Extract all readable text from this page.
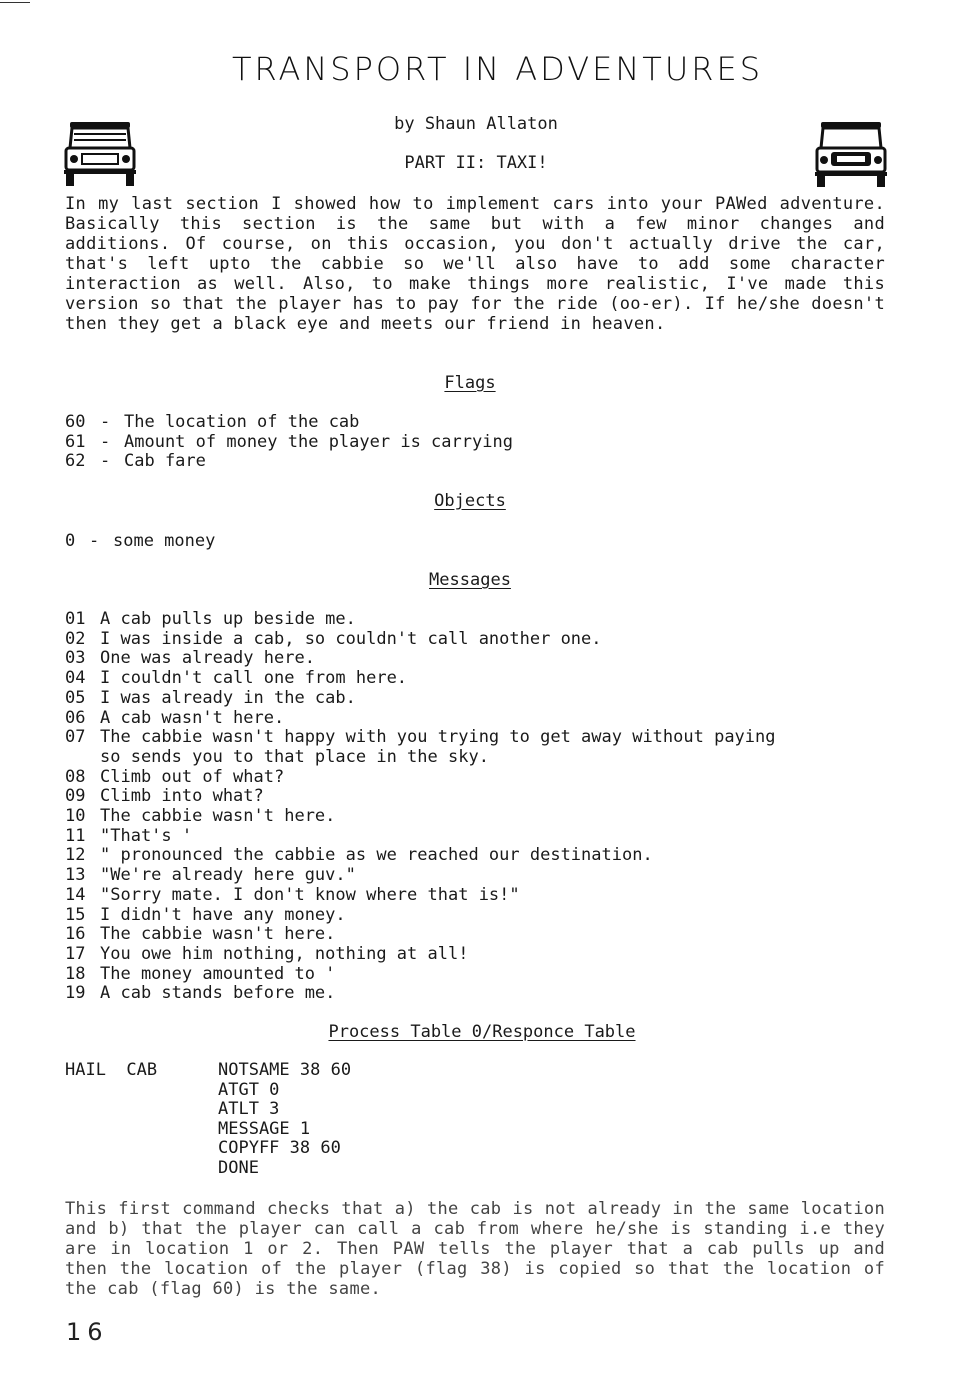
TRANSPORT IN ADVENTURES
by Shaun Allaton
PART II: TAXI!
In my last section I showed how to implement cars into your PAWed adventure. Basically this section is the same but with a few minor changes and additions. Of course, on this occasion, you don't actually drive the car, that's left upto the cabbie so we'll also have to add some character interaction as well. Also, to make things more realistic, I've made this version so that the player has to pay for the ride (oo-er). If he/she doesn't then they get a black eye and meets our friend in heaven.
Flags
60 - The location of the cab
61 - Amount of money the player is carrying
62 - Cab fare
Objects
0 - some money
Messages
01 A cab pulls up beside me.
02 I was inside a cab, so couldn't call another one.
03 One was already here.
04 I couldn't call one from here.
05 I was already in the cab.
06 A cab wasn't here.
07 The cabbie wasn't happy with you trying to get away without paying
so sends you to that place in the sky.
08 Climb out of what?
09 Climb into what?
10 The cabbie wasn't here.
11 "That's '
12 " pronounced the cabbie as we reached our destination.
13 "We're already here guv."
14 "Sorry mate. I don't know where that is!"
15 I didn't have any money.
16 The cabbie wasn't here.
17 You owe him nothing, nothing at all!
18 The money amounted to '
19 A cab stands before me.
Process Table 0/Responce Table
HAIL  CAB	NOTSAME 38 60
ATGT 0
ATLT 3
MESSAGE 1
COPYFF 38 60
DONE
This first command checks that a) the cab is not already in the same location and b) that the player can call a cab from where he/she is standing i.e they are in location 1 or 2. Then PAW tells the player that a cab pulls up and then the location of the player (flag 38) is copied so that the location of the cab (flag 60) is the same.
16
